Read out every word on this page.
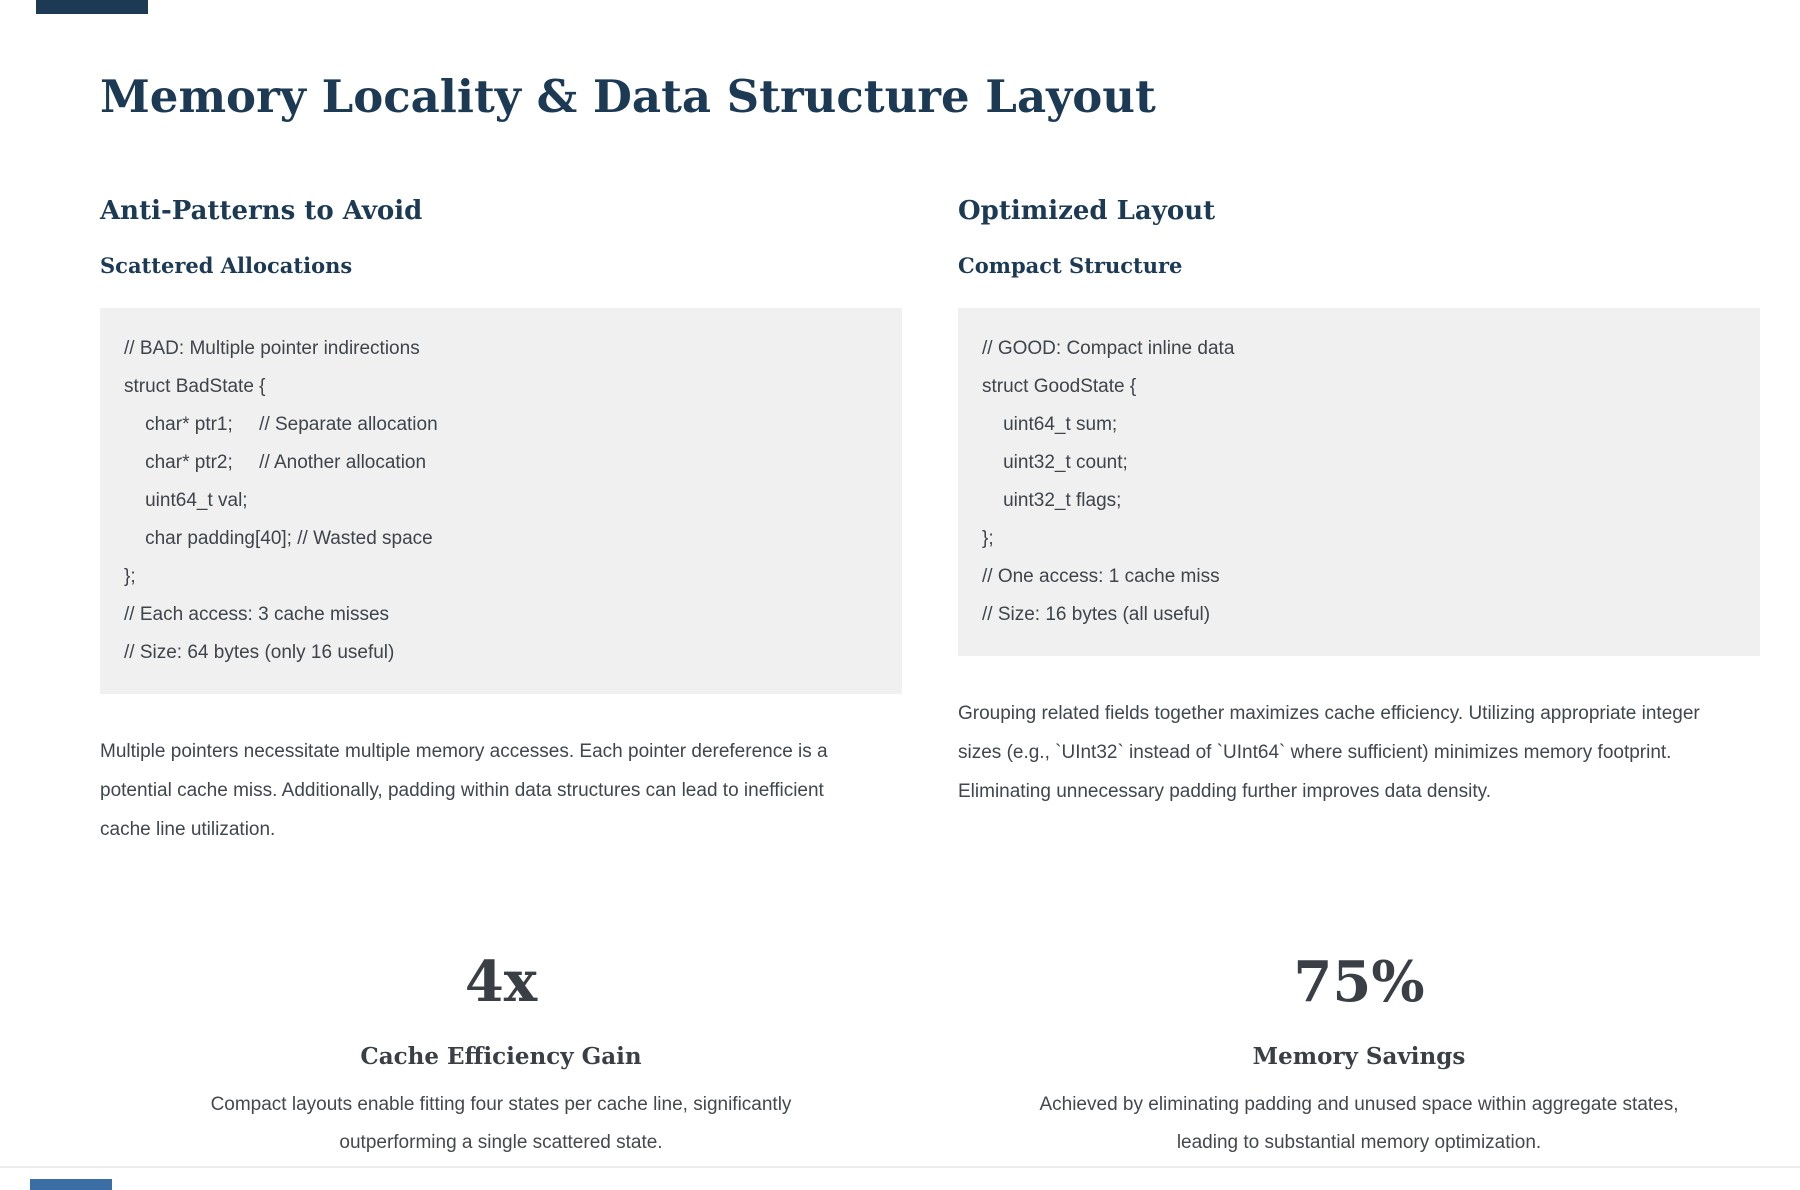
Memory Locality & Data Structure Layout
Anti-Patterns to Avoid
Scattered Allocations
// BAD: Multiple pointer indirections
struct BadState {
char* ptr1;     // Separate allocation
char* ptr2;     // Another allocation
uint64_t val;
char padding[40]; // Wasted space
};
// Each access: 3 cache misses
// Size: 64 bytes (only 16 useful)

Multiple pointers necessitate multiple memory accesses. Each pointer dereference is a potential cache miss. Additionally, padding within data structures can lead to inefficient cache line utilization.

Optimized Layout
Compact Structure
// GOOD: Compact inline data
struct GoodState {
uint64_t sum;
uint32_t count;
uint32_t flags;
};
// One access: 1 cache miss
// Size: 16 bytes (all useful)

Grouping related fields together maximizes cache efficiency. Utilizing appropriate integer sizes (e.g., `UInt32` instead of `UInt64` where sufficient) minimizes memory footprint. Eliminating unnecessary padding further improves data density.

4x
Cache Efficiency Gain
Compact layouts enable fitting four states per cache line, significantly outperforming a single scattered state.
75%
Memory Savings
Achieved by eliminating padding and unused space within aggregate states, leading to substantial memory optimization.
